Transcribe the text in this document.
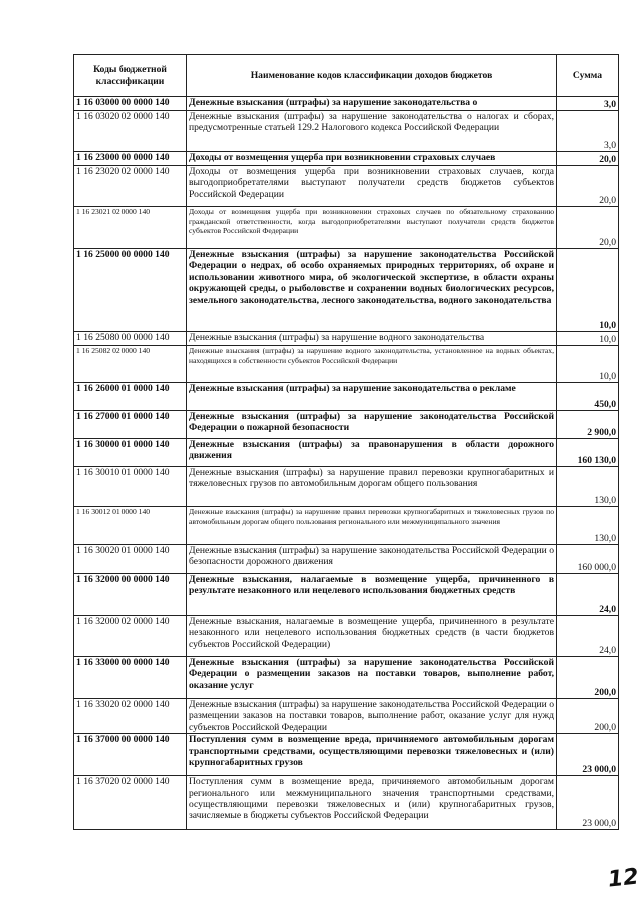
Коды бюджетной классификации	Наименование кодов классификации доходов бюджетов	Сумма
1 16 03000 00 0000 140	Денежные взыскания (штрафы) за нарушение законодательства о	3,0
1 16 03020 02 0000 140	Денежные взыскания (штрафы) за нарушение законодательства о налогах и сборах, предусмотренные статьей 129.2 Налогового кодекса Российской Федерации	3,0
1 16 23000 00 0000 140	Доходы от возмещения ущерба при возникновении страховых случаев	20,0
1 16 23020 02 0000 140	Доходы от возмещения ущерба при возникновении страховых случаев, когда выгодоприобретателями выступают получатели средств бюджетов субъектов Российской Федерации	20,0
1 16 23021 02 0000 140	Доходы от возмещения ущерба при возникновении страховых случаев по обязательному страхованию гражданской ответственности, когда выгодоприобретателями выступают получатели средств бюджетов субъектов Российской Федерации	20,0
1 16 25000 00 0000 140	Денежные взыскания (штрафы) за нарушение законодательства Российской Федерации о недрах, об особо охраняемых природных территориях, об охране и использовании животного мира, об экологической экспертизе, в области охраны окружающей среды, о рыболовстве и сохранении водных биологических ресурсов, земельного законодательства, лесного законодательства, водного законодательства	10,0
1 16 25080 00 0000 140	Денежные взыскания (штрафы) за нарушение водного законодательства	10,0
1 16 25082 02 0000 140	Денежные взыскания (штрафы) за нарушение водного законодательства, установленное на водных объектах, находящихся в собственности субъектов Российской Федерации	10,0
1 16 26000 01 0000 140	Денежные взыскания (штрафы) за нарушение законодательства о рекламе	450,0
1 16 27000 01 0000 140	Денежные взыскания (штрафы) за нарушение законодательства Российской Федерации о пожарной безопасности	2 900,0
1 16 30000 01 0000 140	Денежные взыскания (штрафы) за правонарушения в области дорожного движения	160 130,0
1 16 30010 01 0000 140	Денежные взыскания (штрафы) за нарушение правил перевозки крупногабаритных и тяжеловесных грузов по автомобильным дорогам общего пользования	130,0
1 16 30012 01 0000 140	Денежные взыскания (штрафы) за нарушение правил перевозки крупногабаритных и тяжеловесных грузов по автомобильным дорогам общего пользования регионального или межмуниципального значения	130,0
1 16 30020 01 0000 140	Денежные взыскания (штрафы) за нарушение законодательства Российской Федерации о безопасности дорожного движения	160 000,0
1 16 32000 00 0000 140	Денежные взыскания, налагаемые в возмещение ущерба, причиненного в результате незаконного или нецелевого использования бюджетных средств	24,0
1 16 32000 02 0000 140	Денежные взыскания, налагаемые в возмещение ущерба, причиненного в результате незаконного или нецелевого использования бюджетных средств (в части бюджетов субъектов Российской Федерации)	24,0
1 16 33000 00 0000 140	Денежные взыскания (штрафы) за нарушение законодательства Российской Федерации о размещении заказов на поставки товаров, выполнение работ, оказание услуг	200,0
1 16 33020 02 0000 140	Денежные взыскания (штрафы) за нарушение законодательства Российской Федерации о размещении заказов на поставки товаров, выполнение работ, оказание услуг для нужд субъектов Российской Федерации	200,0
1 16 37000 00 0000 140	Поступления сумм в возмещение вреда, причиняемого автомобильным дорогам транспортными средствами, осуществляющими перевозки тяжеловесных и (или) крупногабаритных грузов	23 000,0
1 16 37020 02 0000 140	Поступления сумм в возмещение вреда, причиняемого автомобильным дорогам регионального или межмуниципального значения транспортными средствами, осуществляющими перевозки тяжеловесных и (или) крупногабаритных грузов, зачисляемые в бюджеты субъектов Российской Федерации	23 000,0
12
